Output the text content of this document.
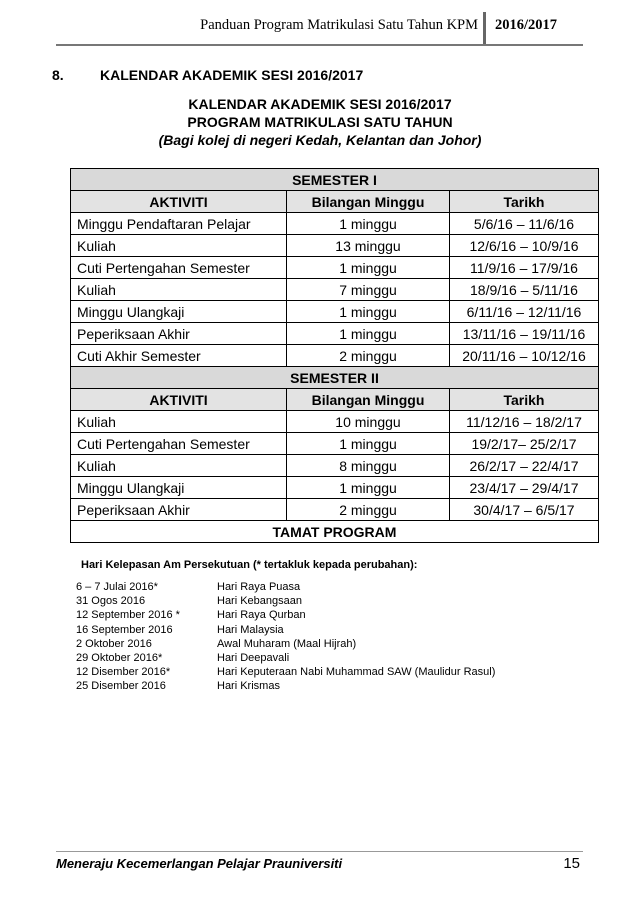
Panduan Program Matrikulasi Satu Tahun KPM 2016/2017
8.	KALENDAR AKADEMIK SESI 2016/2017
KALENDAR AKADEMIK SESI 2016/2017
PROGRAM MATRIKULASI SATU TAHUN
(Bagi kolej di negeri Kedah, Kelantan dan Johor)
SEMESTER I		
AKTIVITI	Bilangan Minggu	Tarikh
Minggu Pendaftaran Pelajar	1 minggu	5/6/16 – 11/6/16
Kuliah	13 minggu	12/6/16 – 10/9/16
Cuti Pertengahan Semester	1 minggu	11/9/16 – 17/9/16
Kuliah	7 minggu	18/9/16 – 5/11/16
Minggu Ulangkaji	1 minggu	6/11/16 – 12/11/16
Peperiksaan Akhir	1 minggu	13/11/16 – 19/11/16
Cuti Akhir Semester	2 minggu	20/11/16 – 10/12/16
SEMESTER II		
AKTIVITI	Bilangan Minggu	Tarikh
Kuliah	10 minggu	11/12/16 – 18/2/17
Cuti Pertengahan Semester	1 minggu	19/2/17– 25/2/17
Kuliah	8 minggu	26/2/17 – 22/4/17
Minggu Ulangkaji	1 minggu	23/4/17 – 29/4/17
Peperiksaan Akhir	2 minggu	30/4/17 – 6/5/17
TAMAT PROGRAM		
Hari Kelepasan Am Persekutuan (* tertakluk kepada perubahan):
6 – 7 Julai 2016*	Hari Raya Puasa
31 Ogos 2016	Hari Kebangsaan
12 September 2016 *	Hari Raya Qurban
16 September 2016	Hari Malaysia
2 Oktober 2016	Awal Muharam (Maal Hijrah)
29 Oktober 2016*	Hari Deepavali
12 Disember 2016*	Hari Keputeraan Nabi Muhammad SAW (Maulidur Rasul)
25 Disember 2016	Hari Krismas
Meneraju Kecemerlangan Pelajar Prauniversiti	15
